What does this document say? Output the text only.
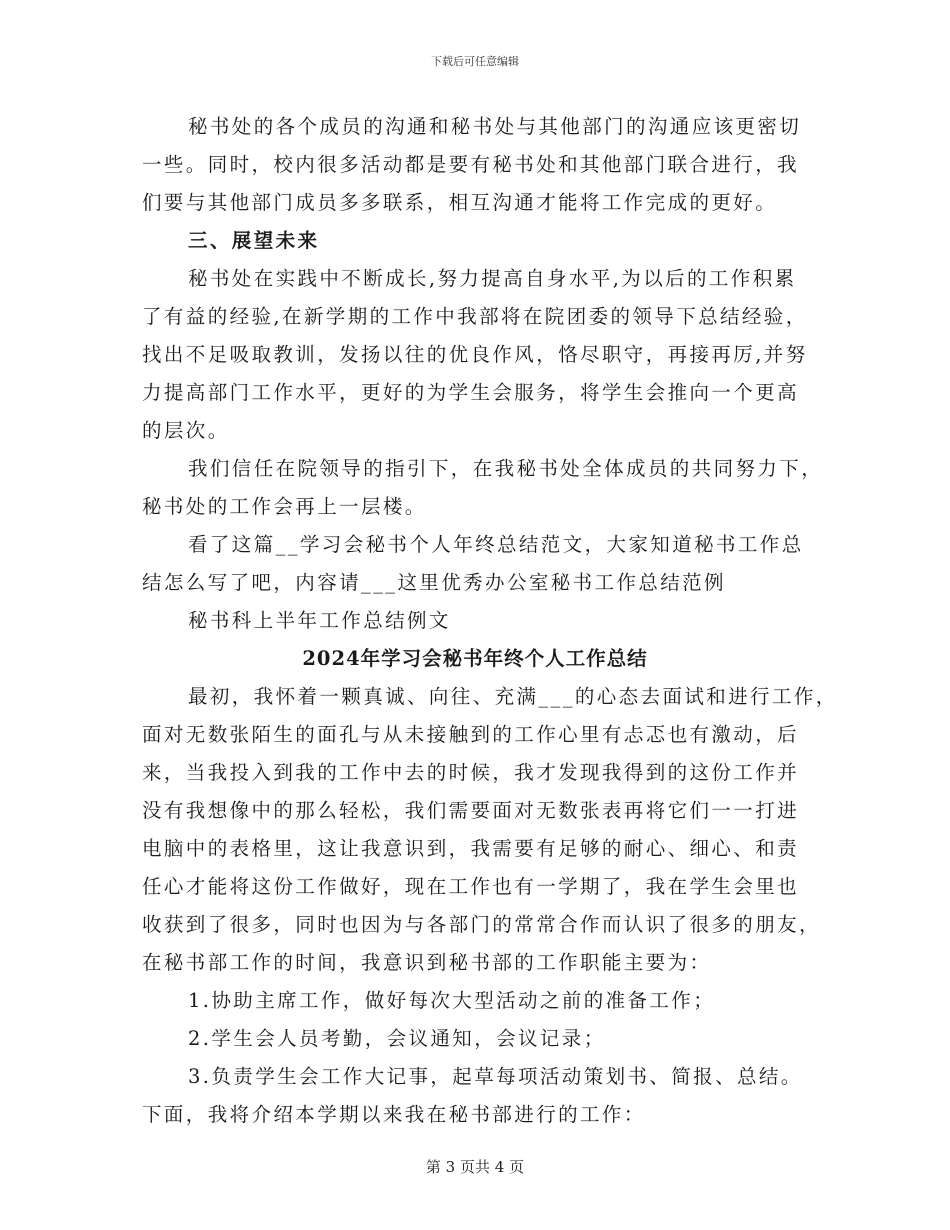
下载后可任意编辑
秘书处的各个成员的沟通和秘书处与其他部门的沟通应该更密切
一些。同时，校内很多活动都是要有秘书处和其他部门联合进行，我
们要与其他部门成员多多联系，相互沟通才能将工作完成的更好。
三、展望未来
秘书处在实践中不断成长,努力提高自身水平,为以后的工作积累
了有益的经验,在新学期的工作中我部将在院团委的领导下总结经验，
找出不足吸取教训，发扬以往的优良作风，恪尽职守，再接再厉,并努
力提高部门工作水平，更好的为学生会服务，将学生会推向一个更高
的层次。
我们信任在院领导的指引下，在我秘书处全体成员的共同努力下，
秘书处的工作会再上一层楼。
看了这篇__学习会秘书个人年终总结范文，大家知道秘书工作总
结怎么写了吧，内容请___这里优秀办公室秘书工作总结范例
秘书科上半年工作总结例文
2024年学习会秘书年终个人工作总结
最初，我怀着一颗真诚、向往、充满___的心态去面试和进行工作，
面对无数张陌生的面孔与从未接触到的工作心里有忐忑也有激动，后
来，当我投入到我的工作中去的时候，我才发现我得到的这份工作并
没有我想像中的那么轻松，我们需要面对无数张表再将它们一一打进
电脑中的表格里，这让我意识到，我需要有足够的耐心、细心、和责
任心才能将这份工作做好，现在工作也有一学期了，我在学生会里也
收获到了很多，同时也因为与各部门的常常合作而认识了很多的朋友，
在秘书部工作的时间，我意识到秘书部的工作职能主要为：
1.协助主席工作，做好每次大型活动之前的准备工作；
2.学生会人员考勤，会议通知，会议记录；
3.负责学生会工作大记事，起草每项活动策划书、简报、总结。
下面，我将介绍本学期以来我在秘书部进行的工作：
第 3 页共 4 页
